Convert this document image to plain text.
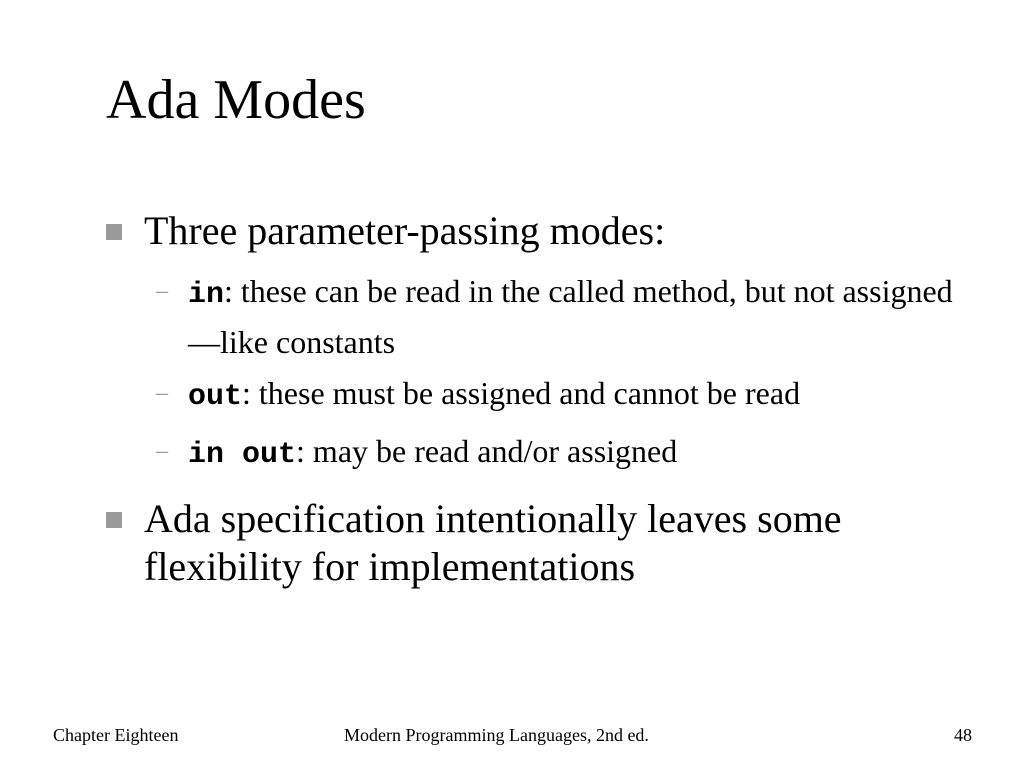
Ada Modes
Three parameter-passing modes:
– in: these can be read in the called method, but not assigned—like constants
– out: these must be assigned and cannot be read
– in out: may be read and/or assigned
Ada specification intentionally leaves some flexibility for implementations
Chapter Eighteen	Modern Programming Languages, 2nd ed.	48
